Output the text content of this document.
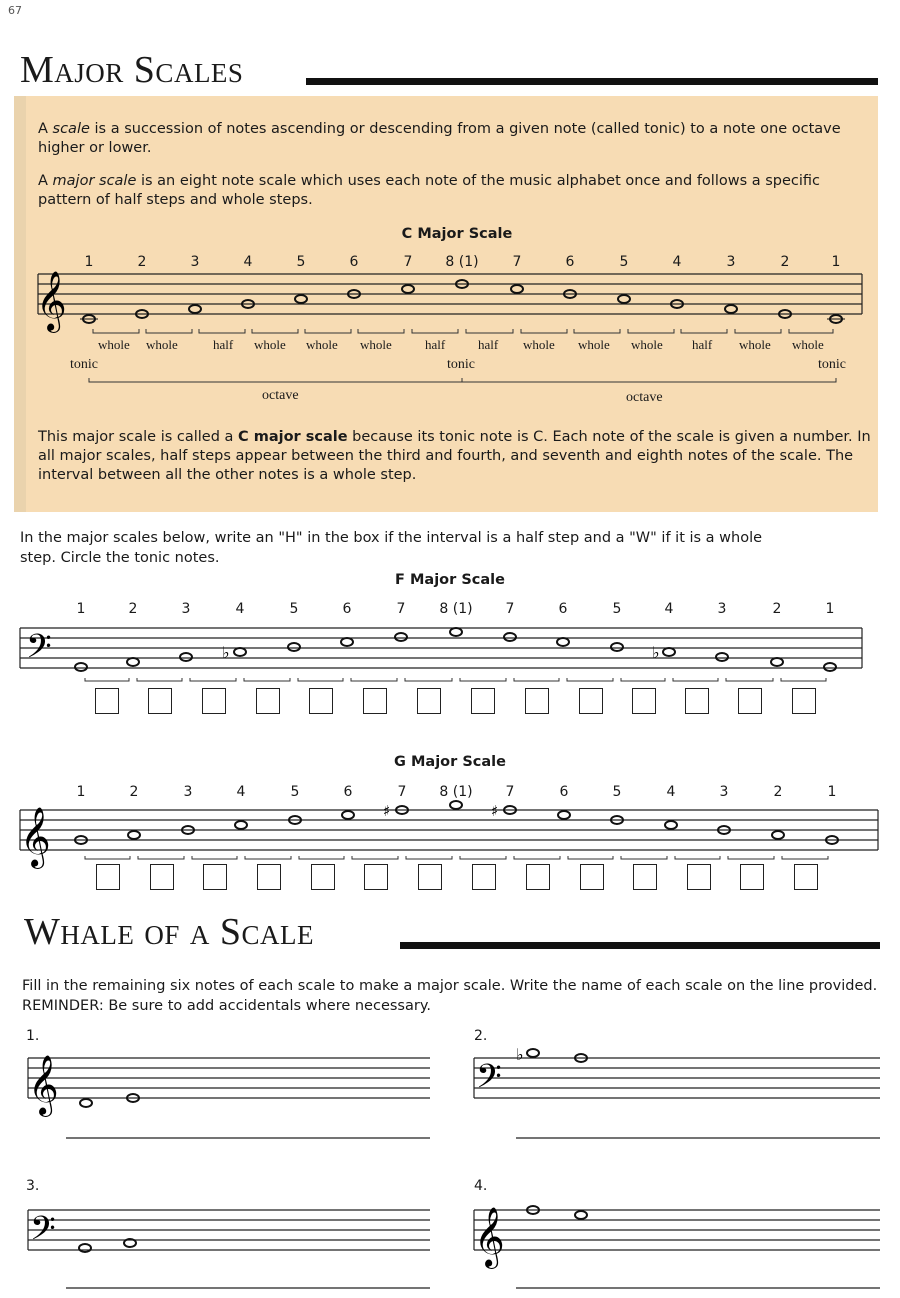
67
Major Scales
A scale is a succession of notes ascending or descending from a given note (called tonic) to a note one octave higher or lower.
A major scale is an eight note scale which uses each note of the music alphabet once and follows a specific pattern of half steps and whole steps.
C Major Scale
1	2	3	4	5	6	7	8 (1)	7	6	5	4	3	2	1
𝄞
𝄢	♭	♭
𝄞	♯	♯
𝄞	𝄢
♭
𝄢	𝄞
whole whole	half whole whole whole	half	half whole whole whole half whole whole
tonic	tonic	tonic
octave	octave
This major scale is called a C major scale because its tonic note is C. Each note of the scale is given a number. In all major scales, half steps appear between the third and fourth, and seventh and eighth notes of the scale. The interval between all the other notes is a whole step.
In the major scales below, write an "H" in the box if the interval is a half step and a "W" if it is a whole step. Circle the tonic notes.
F Major Scale
1	2	3	4	5	6	7	8 (1)	7	6	5	4	3	2	1
G Major Scale
1	2	3	4	5	6	7	8 (1)	7	6	5	4	3	2	1
Whale of a Scale
Fill in the remaining six notes of each scale to make a major scale. Write the name of each scale on the line provided. REMINDER: Be sure to add accidentals where necessary.
1.	2.
3.	4.
